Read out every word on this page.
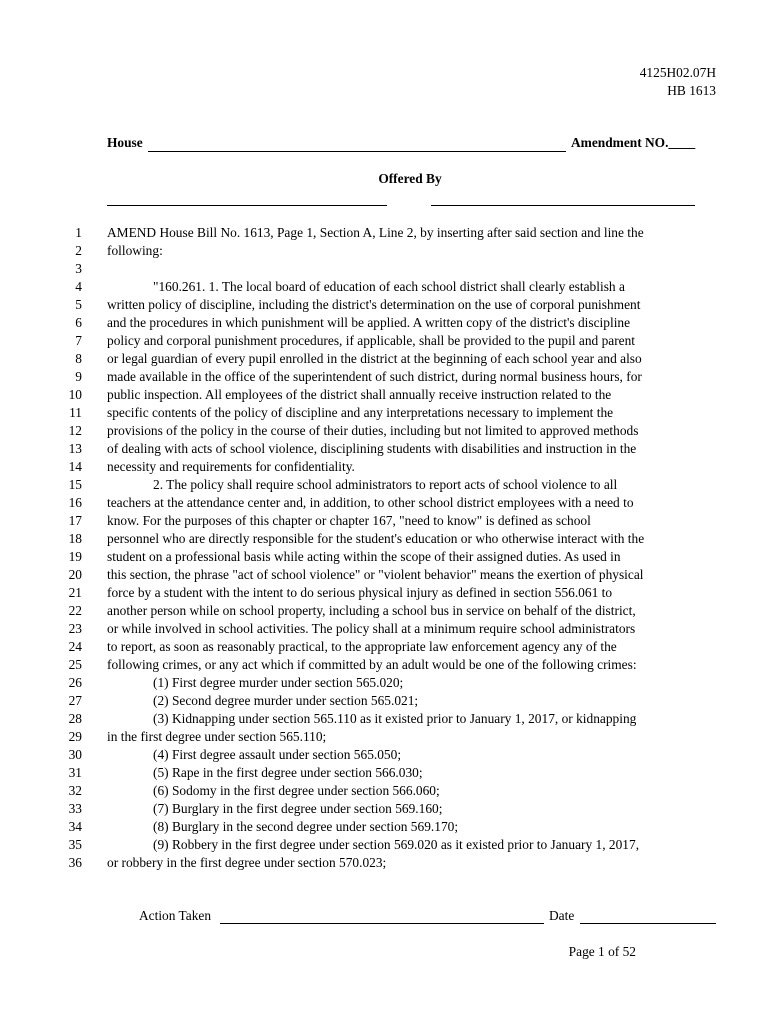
4125H02.07H
HB 1613
House	Amendment NO.____
Offered By
1 AMEND House Bill No. 1613, Page 1, Section A, Line 2, by inserting after said section and line the
2 following:
3
4	"160.261. 1. The local board of education of each school district shall clearly establish a
5 written policy of discipline, including the district's determination on the use of corporal punishment
6 and the procedures in which punishment will be applied. A written copy of the district's discipline
7 policy and corporal punishment procedures, if applicable, shall be provided to the pupil and parent
8 or legal guardian of every pupil enrolled in the district at the beginning of each school year and also
9 made available in the office of the superintendent of such district, during normal business hours, for
10 public inspection. All employees of the district shall annually receive instruction related to the
11 specific contents of the policy of discipline and any interpretations necessary to implement the
12 provisions of the policy in the course of their duties, including but not limited to approved methods
13 of dealing with acts of school violence, disciplining students with disabilities and instruction in the
14 necessity and requirements for confidentiality.
15	2. The policy shall require school administrators to report acts of school violence to all
16 teachers at the attendance center and, in addition, to other school district employees with a need to
17 know. For the purposes of this chapter or chapter 167, "need to know" is defined as school
18 personnel who are directly responsible for the student's education or who otherwise interact with the
19 student on a professional basis while acting within the scope of their assigned duties. As used in
20 this section, the phrase "act of school violence" or "violent behavior" means the exertion of physical
21 force by a student with the intent to do serious physical injury as defined in section 556.061 to
22 another person while on school property, including a school bus in service on behalf of the district,
23 or while involved in school activities. The policy shall at a minimum require school administrators
24 to report, as soon as reasonably practical, to the appropriate law enforcement agency any of the
25 following crimes, or any act which if committed by an adult would be one of the following crimes:
26	(1) First degree murder under section 565.020;
27	(2) Second degree murder under section 565.021;
28	(3) Kidnapping under section 565.110 as it existed prior to January 1, 2017, or kidnapping
29 in the first degree under section 565.110;
30	(4) First degree assault under section 565.050;
31	(5) Rape in the first degree under section 566.030;
32	(6) Sodomy in the first degree under section 566.060;
33	(7) Burglary in the first degree under section 569.160;
34	(8) Burglary in the second degree under section 569.170;
35	(9) Robbery in the first degree under section 569.020 as it existed prior to January 1, 2017,
36 or robbery in the first degree under section 570.023;
Action Taken	Date
Page 1 of 52
